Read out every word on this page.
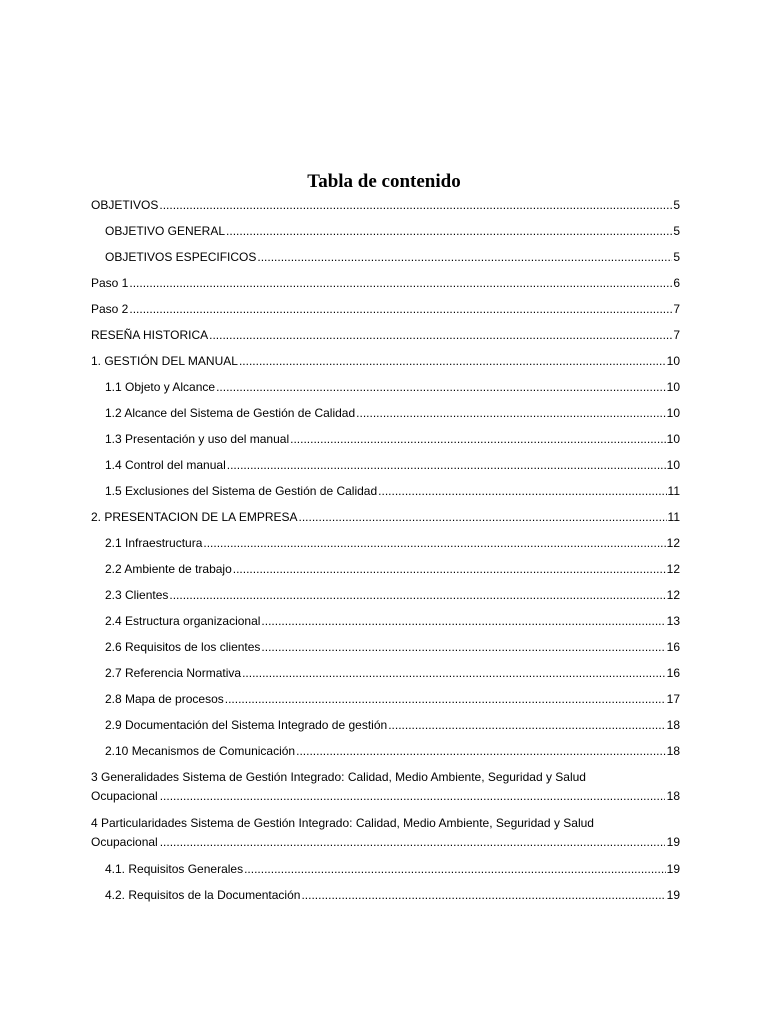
Tabla de contenido
OBJETIVOS .....	5
OBJETIVO GENERAL .....	5
OBJETIVOS ESPECIFICOS .....	5
Paso 1 .....	6
Paso 2 .....	7
RESEÑA HISTORICA .....	7
1. GESTIÓN DEL MANUAL .....	10
1.1 Objeto y Alcance .....	10
1.2 Alcance del Sistema de Gestión de Calidad .....	10
1.3 Presentación y uso del manual .....	10
1.4 Control del manual .....	10
1.5 Exclusiones del Sistema de Gestión de Calidad .....	11
2. PRESENTACION DE LA EMPRESA .....	11
2.1 Infraestructura .....	12
2.2 Ambiente de trabajo .....	12
2.3 Clientes .....	12
2.4 Estructura organizacional .....	13
2.6 Requisitos de los clientes .....	16
2.7 Referencia Normativa .....	16
2.8 Mapa de procesos .....	17
2.9 Documentación del Sistema Integrado de gestión .....	18
2.10 Mecanismos de Comunicación .....	18
3 Generalidades Sistema de Gestión Integrado: Calidad, Medio Ambiente, Seguridad y Salud
Ocupacional .....	18
4 Particularidades Sistema de Gestión Integrado: Calidad, Medio Ambiente, Seguridad y Salud
Ocupacional .....	19
4.1. Requisitos Generales .....	19
4.2. Requisitos de la Documentación .....	19
